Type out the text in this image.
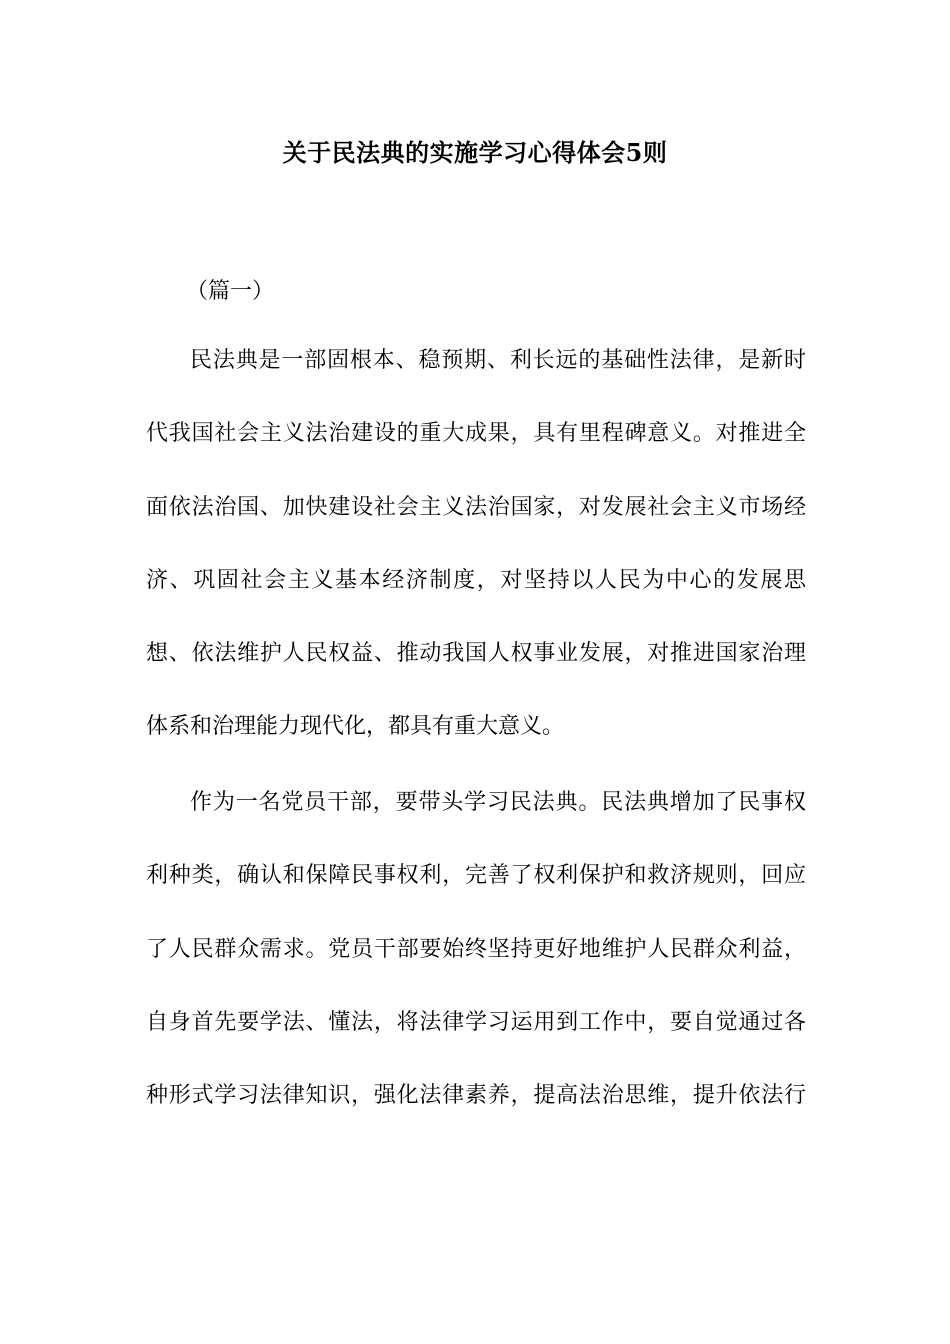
关于民法典的实施学习心得体会5则

（篇一）

民法典是一部固根本、稳预期、利长远的基础性法律，是新时
代我国社会主义法治建设的重大成果，具有里程碑意义。对推进全
面依法治国、加快建设社会主义法治国家，对发展社会主义市场经
济、巩固社会主义基本经济制度，对坚持以人民为中心的发展思
想、依法维护人民权益、推动我国人权事业发展，对推进国家治理
体系和治理能力现代化，都具有重大意义。
作为一名党员干部，要带头学习民法典。民法典增加了民事权
利种类，确认和保障民事权利，完善了权利保护和救济规则，回应
了人民群众需求。党员干部要始终坚持更好地维护人民群众利益，
自身首先要学法、懂法，将法律学习运用到工作中，要自觉通过各
种形式学习法律知识，强化法律素养，提高法治思维，提升依法行
